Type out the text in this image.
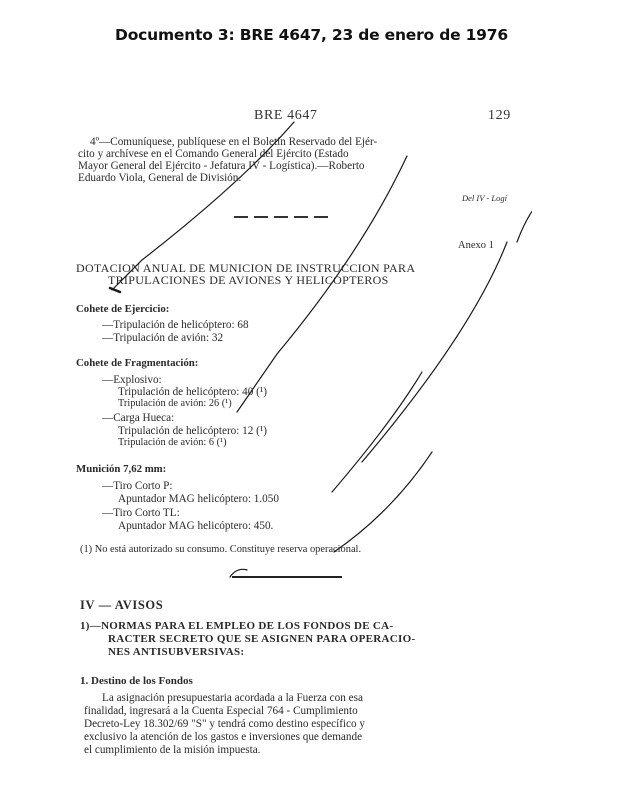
Documento 3: BRE 4647, 23 de enero de 1976
BRE 4647	129
4º—Comuníquese, publíquese en el Boletín Reservado del Ejér-
cito y archívese en el Comando General del Ejército (Estado
Mayor General del Ejército - Jefatura IV - Logística).—Roberto
Eduardo Viola, General de División.
Del IV - Logí
Anexo 1
DOTACION ANUAL DE MUNICION DE INSTRUCCION PARA
TRIPULACIONES DE AVIONES Y HELICOPTEROS
Cohete de Ejercicio:
—Tripulación de helicóptero: 68
—Tripulación de avión: 32
Cohete de Fragmentación:
—Explosivo:
Tripulación de helicóptero: 40 (¹)
Tripulación de avión: 26 (¹)
—Carga Hueca:
Tripulación de helicóptero: 12 (¹)
Tripulación de avión: 6 (¹)
Munición 7,62 mm:
—Tiro Corto P:
Apuntador MAG helicóptero: 1.050
—Tiro Corto TL:
Apuntador MAG helicóptero: 450.
(1) No está autorizado su consumo. Constituye reserva operacional.
IV — AVISOS
1)—NORMAS PARA EL EMPLEO DE LOS FONDOS DE CA-
RACTER SECRETO QUE SE ASIGNEN PARA OPERACIO-
NES ANTISUBVERSIVAS:
1. Destino de los Fondos
La asignación presupuestaria acordada a la Fuerza con esa
finalidad, ingresará a la Cuenta Especial 764 - Cumplimiento
Decreto-Ley 18.302/69 "S" y tendrá como destino específico y
exclusivo la atención de los gastos e inversiones que demande
el cumplimiento de la misión impuesta.
